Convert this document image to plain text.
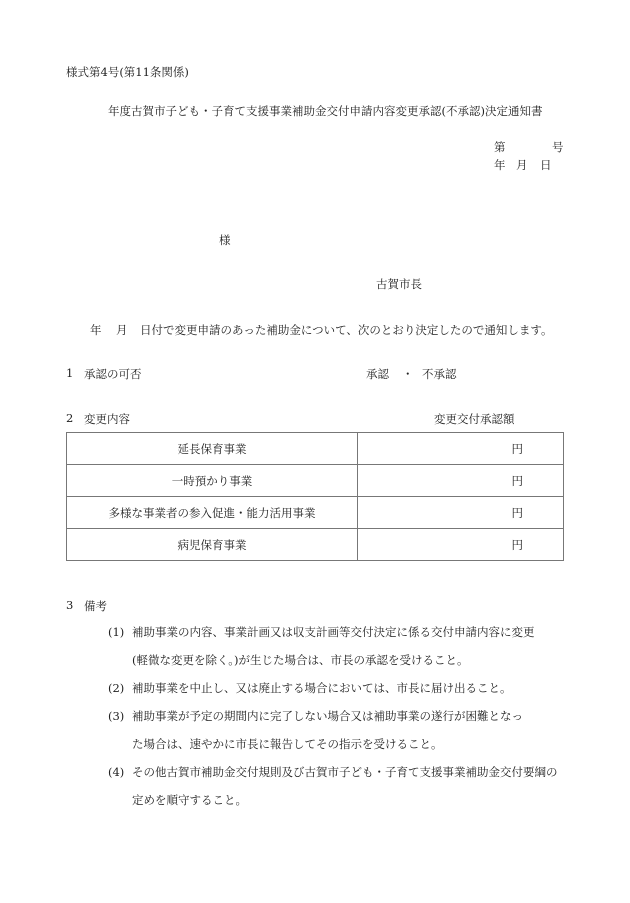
様式第4号(第11条関係)
年度古賀市子ども・子育て支援事業補助金交付申請内容変更承認(不承認)決定通知書
第	号
年 月 日
様
古賀市長
年 月 日付で変更申請のあった補助金について、次のとおり決定したので通知します。
1 承認の可否	承認 ・ 不承認
2 変更内容	変更交付承認額
延長保育事業	円
一時預かり事業	円
多様な事業者の参入促進・能力活用事業	円
病児保育事業	円
3 備考
(1) 補助事業の内容、事業計画又は収支計画等交付決定に係る交付申請内容に変更
(軽微な変更を除く。)が生じた場合は、市長の承認を受けること。
(2) 補助事業を中止し、又は廃止する場合においては、市長に届け出ること。
(3) 補助事業が予定の期間内に完了しない場合又は補助事業の遂行が困難となっ
た場合は、速やかに市長に報告してその指示を受けること。
(4) その他古賀市補助金交付規則及び古賀市子ども・子育て支援事業補助金交付要綱の
定めを順守すること。
